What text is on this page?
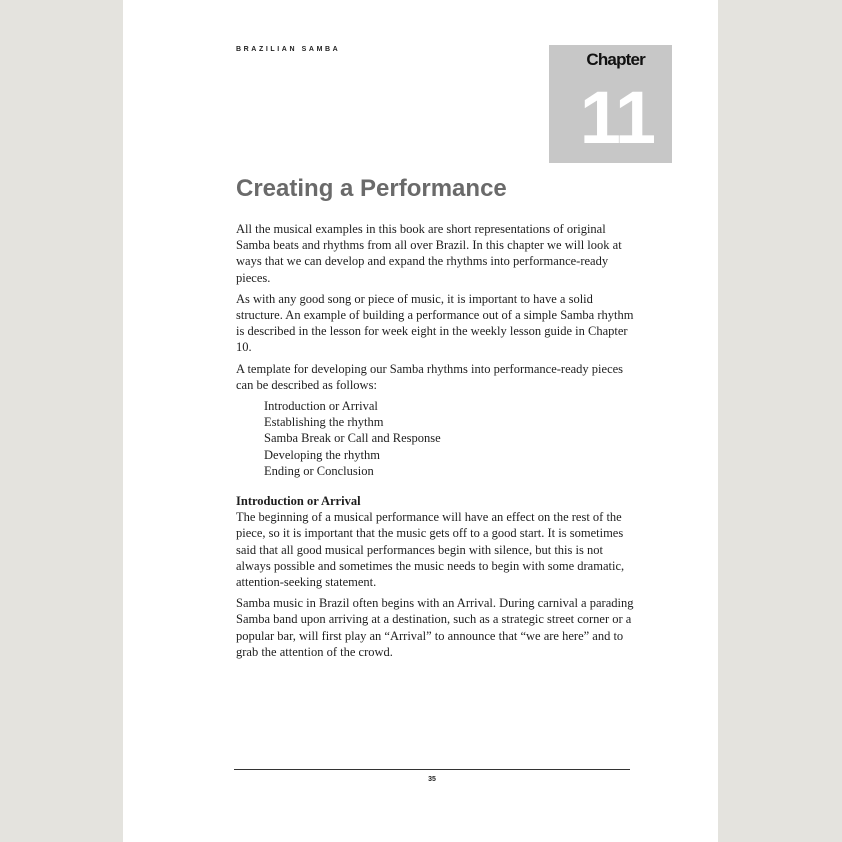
BRAZILIAN SAMBA
Chapter
11
Creating a Performance

All the musical examples in this book are short representations of original Samba beats and rhythms from all over Brazil. In this chapter we will look at ways that we can develop and expand the rhythms into performance-ready pieces.

As with any good song or piece of music, it is important to have a solid structure. An example of building a performance out of a simple Samba rhythm is described in the lesson for week eight in the weekly lesson guide in Chapter 10.

A template for developing our Samba rhythms into performance-ready pieces can be described as follows:

Introduction or Arrival
Establishing the rhythm
Samba Break or Call and Response
Developing the rhythm
Ending or Conclusion
Introduction or Arrival

The beginning of a musical performance will have an effect on the rest of the piece, so it is important that the music gets off to a good start. It is sometimes said that all good musical performances begin with silence, but this is not always possible and sometimes the music needs to begin with some dramatic, attention-seeking statement.

Samba music in Brazil often begins with an Arrival. During carnival a parading Samba band upon arriving at a destination, such as a strategic street corner or a popular bar, will first play an “Arrival” to announce that “we are here” and to grab the attention of the crowd.

35
